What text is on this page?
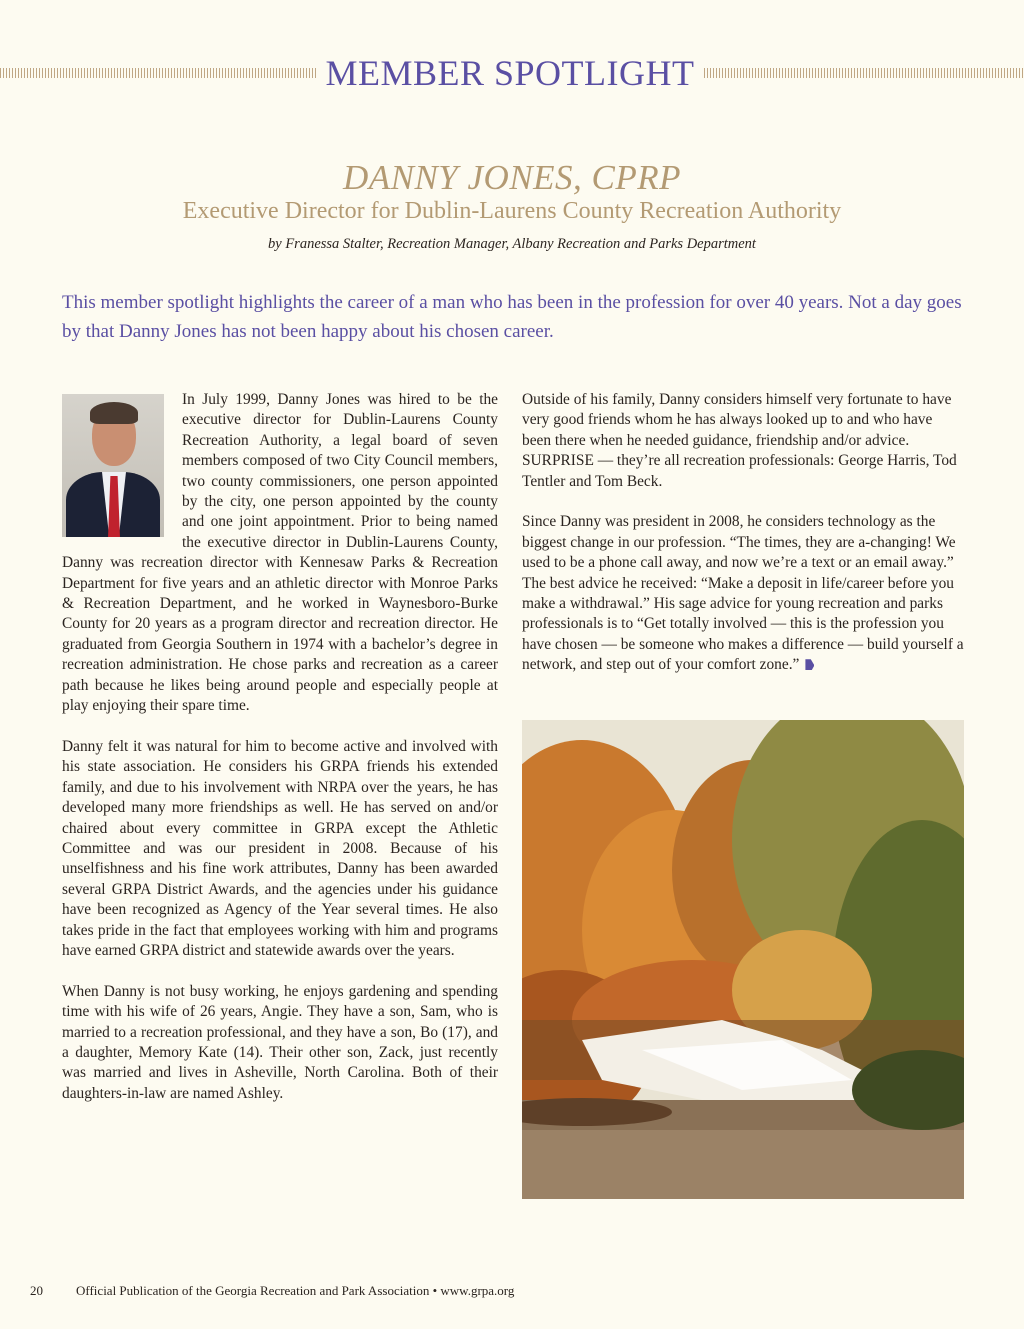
MEMBER SPOTLIGHT
DANNY JONES, CPRP
Executive Director for Dublin-Laurens County Recreation Authority
by Franessa Stalter, Recreation Manager, Albany Recreation and Parks Department
This member spotlight highlights the career of a man who has been in the profession for over 40 years. Not a day goes by that Danny Jones has not been happy about his chosen career.

In July 1999, Danny Jones was hired to be the executive director for Dublin-Laurens County Recreation Authority, a legal board of seven members composed of two City Council members, two county commissioners, one person appointed by the city, one person appointed by the county and one joint appointment. Prior to being named the executive director in Dublin-Laurens County, Danny was recreation director with Kennesaw Parks & Recreation Department for five years and an athletic director with Monroe Parks & Recreation Department, and he worked in Waynesboro-Burke County for 20 years as a program director and recreation director. He graduated from Georgia Southern in 1974 with a bachelor’s degree in recreation administration. He chose parks and recreation as a career path because he likes being around people and especially people at play enjoying their spare time.

Danny felt it was natural for him to become active and involved with his state association. He considers his GRPA friends his extended family, and due to his involvement with NRPA over the years, he has developed many more friendships as well. He has served on and/or chaired about every committee in GRPA except the Athletic Committee and was our president in 2008. Because of his unselfishness and his fine work attributes, Danny has been awarded several GRPA District Awards, and the agencies under his guidance have been recognized as Agency of the Year several times. He also takes pride in the fact that employees working with him and programs have earned GRPA district and statewide awards over the years.

When Danny is not busy working, he enjoys gardening and spending time with his wife of 26 years, Angie. They have a son, Sam, who is married to a recreation professional, and they have a son, Bo (17), and a daughter, Memory Kate (14). Their other son, Zack, just recently was married and lives in Asheville, North Carolina. Both of their daughters-in-law are named Ashley.

Outside of his family, Danny considers himself very fortunate to have very good friends whom he has always looked up to and who have been there when he needed guidance, friendship and/or advice. SURPRISE — they’re all recreation professionals: George Harris, Tod Tentler and Tom Beck.

Since Danny was president in 2008, he considers technology as the biggest change in our profession. “The times, they are a-changing! We used to be a phone call away, and now we’re a text or an email away.” The best advice he received: “Make a deposit in life/career before you make a withdrawal.” His sage advice for young recreation and parks professionals is to “Get totally involved — this is the profession you have chosen — be someone who makes a difference — build yourself a network, and step out of your comfort zone.”

20	Official Publication of the Georgia Recreation and Park Association • www.grpa.org
